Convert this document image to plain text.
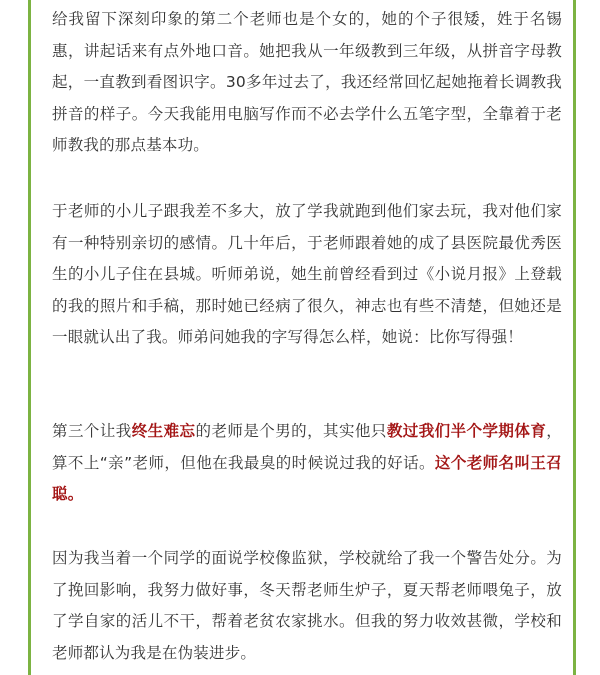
给我留下深刻印象的第二个老师也是个女的，她的个子很矮，姓于名锡惠，讲起话来有点外地口音。她把我从一年级教到三年级，从拼音字母教起，一直教到看图识字。30多年过去了，我还经常回忆起她拖着长调教我拼音的样子。今天我能用电脑写作而不必去学什么五笔字型，全靠着于老师教我的那点基本功。

于老师的小儿子跟我差不多大，放了学我就跑到他们家去玩，我对他们家有一种特别亲切的感情。几十年后，于老师跟着她的成了县医院最优秀医生的小儿子住在县城。听师弟说，她生前曾经看到过《小说月报》上登载的我的照片和手稿，那时她已经病了很久，神志也有些不清楚，但她还是一眼就认出了我。师弟问她我的字写得怎么样，她说：比你写得强！

第三个让我终生难忘的老师是个男的，其实他只教过我们半个学期体育，算不上“亲”老师，但他在我最臭的时候说过我的好话。这个老师名叫王召聪。

因为我当着一个同学的面说学校像监狱，学校就给了我一个警告处分。为了挽回影响，我努力做好事，冬天帮老师生炉子，夏天帮老师喂兔子，放了学自家的活儿不干，帮着老贫农家挑水。但我的努力收效甚微，学校和老师都认为我是在伪装进步。
